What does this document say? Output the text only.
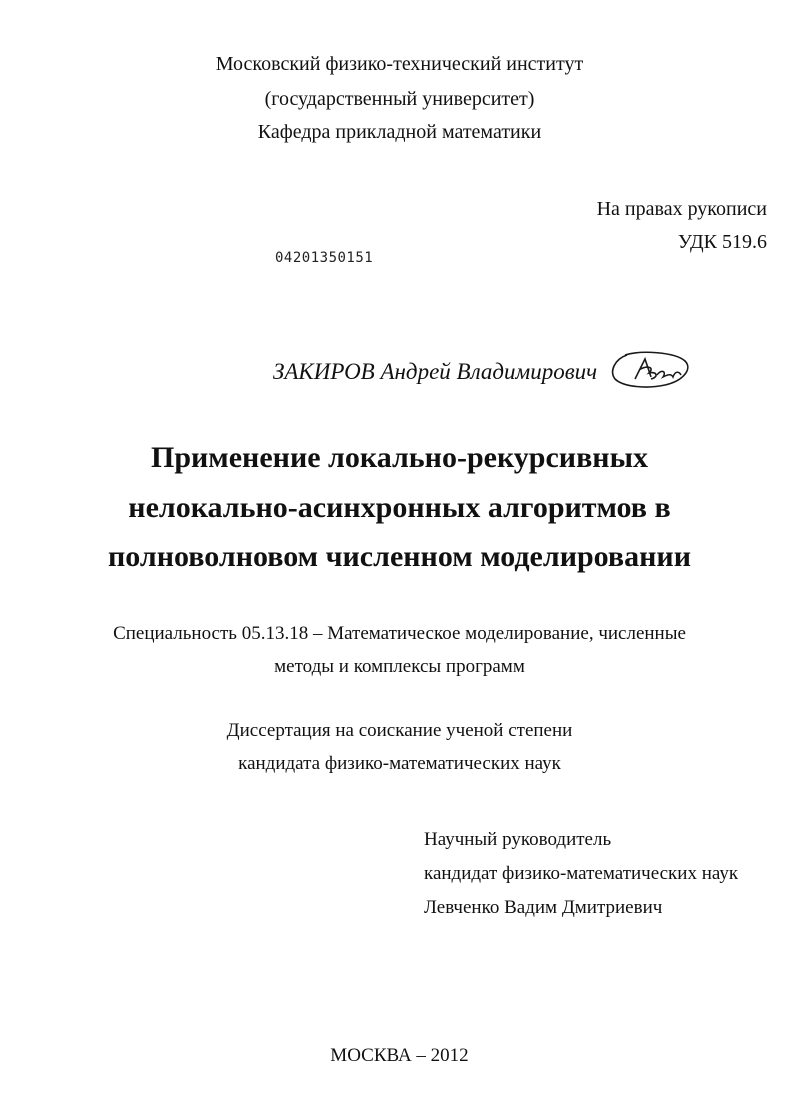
Московский физико-технический институт
(государственный университет)
Кафедра прикладной математики
На правах рукописи
УДК 519.6
04201350151
ЗАКИРОВ Андрей Владимирович
Применение локально-рекурсивных
нелокально-асинхронных алгоритмов в
полноволновом численном моделировании
Специальность 05.13.18 – Математическое моделирование, численные
методы и комплексы программ
Диссертация на соискание ученой степени
кандидата физико-математических наук
Научный руководитель
кандидат физико-математических наук
Левченко Вадим Дмитриевич
МОСКВА – 2012
